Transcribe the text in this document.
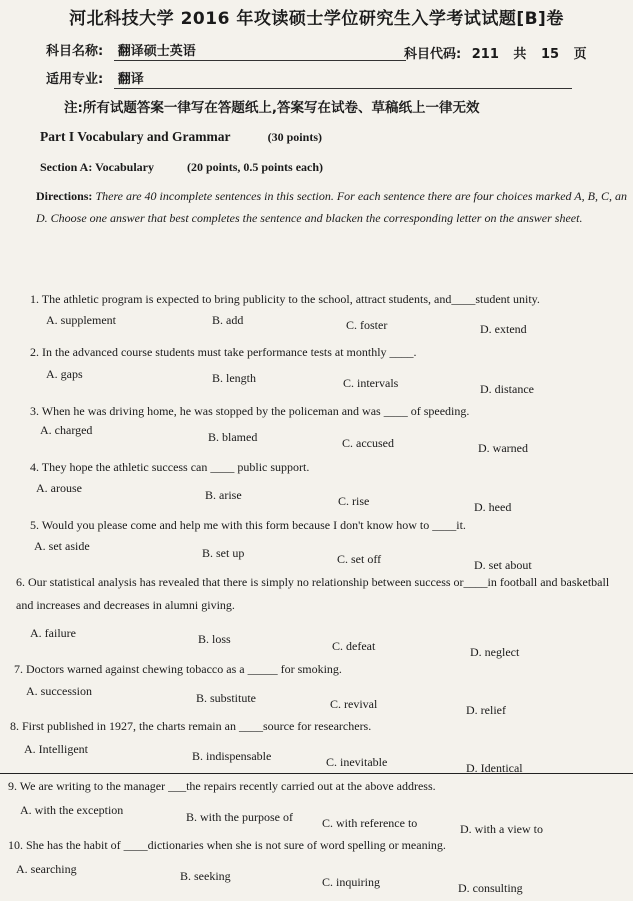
河北科技大学 2016 年攻读硕士学位研究生入学考试试题[B]卷
科目名称: 翻译硕士英语	科目代码: 211 共 15 页
适用专业: 翻译
注:所有试题答案一律写在答题纸上,答案写在试卷、草稿纸上一律无效
Part I Vocabulary and Grammar	(30 points)
Section A: Vocabulary	(20 points, 0.5 points each)
Directions: There are 40 incomplete sentences in this section. For each sentence there are four choices marked A, B, C, an D. Choose one answer that best completes the sentence and blacken the corresponding letter on the answer sheet.
1. The athletic program is expected to bring publicity to the school, attract students, and____student unity.
A. supplement	B. add	C. foster	D. extend
2. In the advanced course students must take performance tests at monthly ____.
A. gaps	B. length	C. intervals	D. distance
3. When he was driving home, he was stopped by the policeman and was ____ of speeding.
A. charged	B. blamed	C. accused	D. warned
4. They hope the athletic success can ____ public support.
A. arouse	B. arise	C. rise	D. heed
5. Would you please come and help me with this form because I don't know how to ____it.
A. set aside	B. set up	C. set off	D. set about
6. Our statistical analysis has revealed that there is simply no relationship between success or____in football and basketball and increases and decreases in alumni giving.
A. failure	B. loss	C. defeat	D. neglect
7. Doctors warned against chewing tobacco as a _____ for smoking.
A. succession	B. substitute	C. revival	D. relief
8. First published in 1927, the charts remain an ____source for researchers.
A. Intelligent	B. indispensable	C. inevitable	D. Identical
9. We are writing to the manager ___the repairs recently carried out at the above address.
A. with the exception	B. with the purpose of C. with reference to	D. with a view to
10. She has the habit of ____dictionaries when she is not sure of word spelling or meaning.
A. searching	B. seeking	C. inquiring	D. consulting
